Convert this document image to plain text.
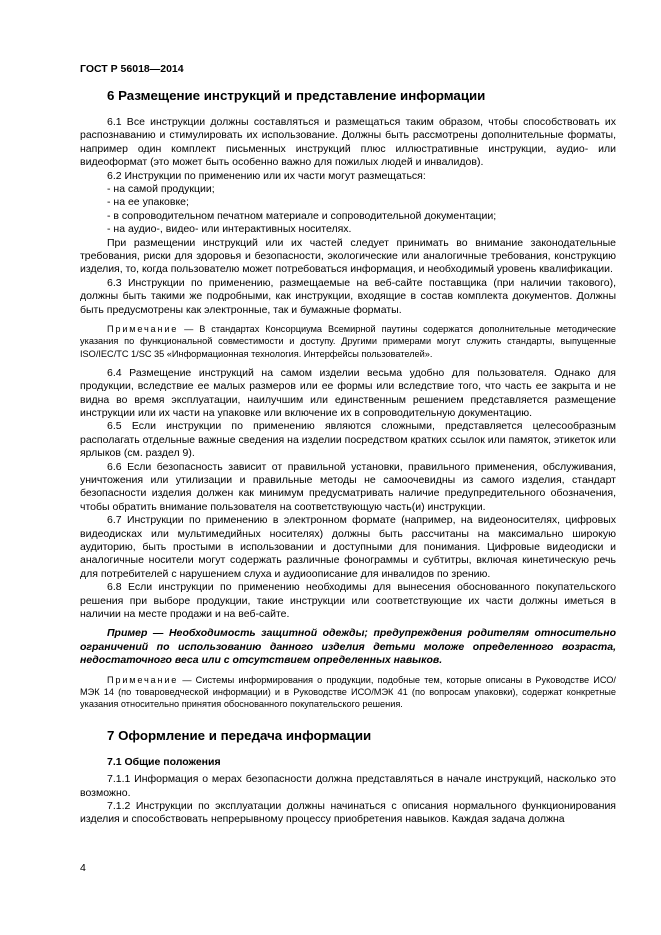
ГОСТ Р 56018—2014
6 Размещение инструкций и представление информации

6.1 Все инструкции должны составляться и размещаться таким образом, чтобы способствовать их распознаванию и стимулировать их использование. Должны быть рассмотрены дополнительные форматы, например один комплект письменных инструкций плюс иллюстративные инструкции, аудио- или видеоформат (это может быть особенно важно для пожилых людей и инвалидов).

6.2 Инструкции по применению или их части могут размещаться:

- на самой продукции;

- на ее упаковке;

- в сопроводительном печатном материале и сопроводительной документации;

- на аудио-, видео- или интерактивных носителях.

При размещении инструкций или их частей следует принимать во внимание законодательные требования, риски для здоровья и безопасности, экологические или аналогичные требования, конструкцию изделия, то, когда пользователю может потребоваться информация, и необходимый уровень квалификации.

6.3 Инструкции по применению, размещаемые на веб-сайте поставщика (при наличии такового), должны быть такими же подробными, как инструкции, входящие в состав комплекта документов. Должны быть предусмотрены как электронные, так и бумажные форматы.

Примечание — В стандартах Консорциума Всемирной паутины содержатся дополнительные методические указания по функциональной совместимости и доступу. Другими примерами могут служить стандарты, выпущенные ISO/IEC/TC 1/SC 35 «Информационная технология. Интерфейсы пользователей».

6.4 Размещение инструкций на самом изделии весьма удобно для пользователя. Однако для продукции, вследствие ее малых размеров или ее формы или вследствие того, что часть ее закрыта и не видна во время эксплуатации, наилучшим или единственным решением представляется размещение инструкции или их части на упаковке или включение их в сопроводительную документацию.

6.5 Если инструкции по применению являются сложными, представляется целесообразным располагать отдельные важные сведения на изделии посредством кратких ссылок или памяток, этикеток или ярлыков (см. раздел 9).

6.6 Если безопасность зависит от правильной установки, правильного применения, обслуживания, уничтожения или утилизации и правильные методы не самоочевидны из самого изделия, стандарт безопасности изделия должен как минимум предусматривать наличие предупредительного обозначения, чтобы обратить внимание пользователя на соответствующую часть(и) инструкции.

6.7 Инструкции по применению в электронном формате (например, на видеоносителях, цифровых видеодисках или мультимедийных носителях) должны быть рассчитаны на максимально широкую аудиторию, быть простыми в использовании и доступными для понимания. Цифровые видеодиски и аналогичные носители могут содержать различные фонограммы и субтитры, включая кинетическую речь для потребителей с нарушением слуха и аудиоописание для инвалидов по зрению.

6.8 Если инструкции по применению необходимы для вынесения обоснованного покупательского решения при выборе продукции, такие инструкции или соответствующие их части должны иметься в наличии на месте продажи и на веб-сайте.

Пример — Необходимость защитной одежды; предупреждения родителям относительно ограничений по использованию данного изделия детьми моложе определенного возраста, недостаточного веса или с отсутствием определенных навыков.

Примечание — Системы информирования о продукции, подобные тем, которые описаны в Руководстве ИСО/МЭК 14 (по товароведческой информации) и в Руководстве ИСО/МЭК 41 (по вопросам упаковки), содержат конкретные указания относительно принятия обоснованного покупательского решения.

7 Оформление и передача информации
7.1 Общие положения

7.1.1 Информация о мерах безопасности должна представляться в начале инструкций, насколько это возможно.

7.1.2 Инструкции по эксплуатации должны начинаться с описания нормального функционирования изделия и способствовать непрерывному процессу приобретения навыков. Каждая задача должна

4
